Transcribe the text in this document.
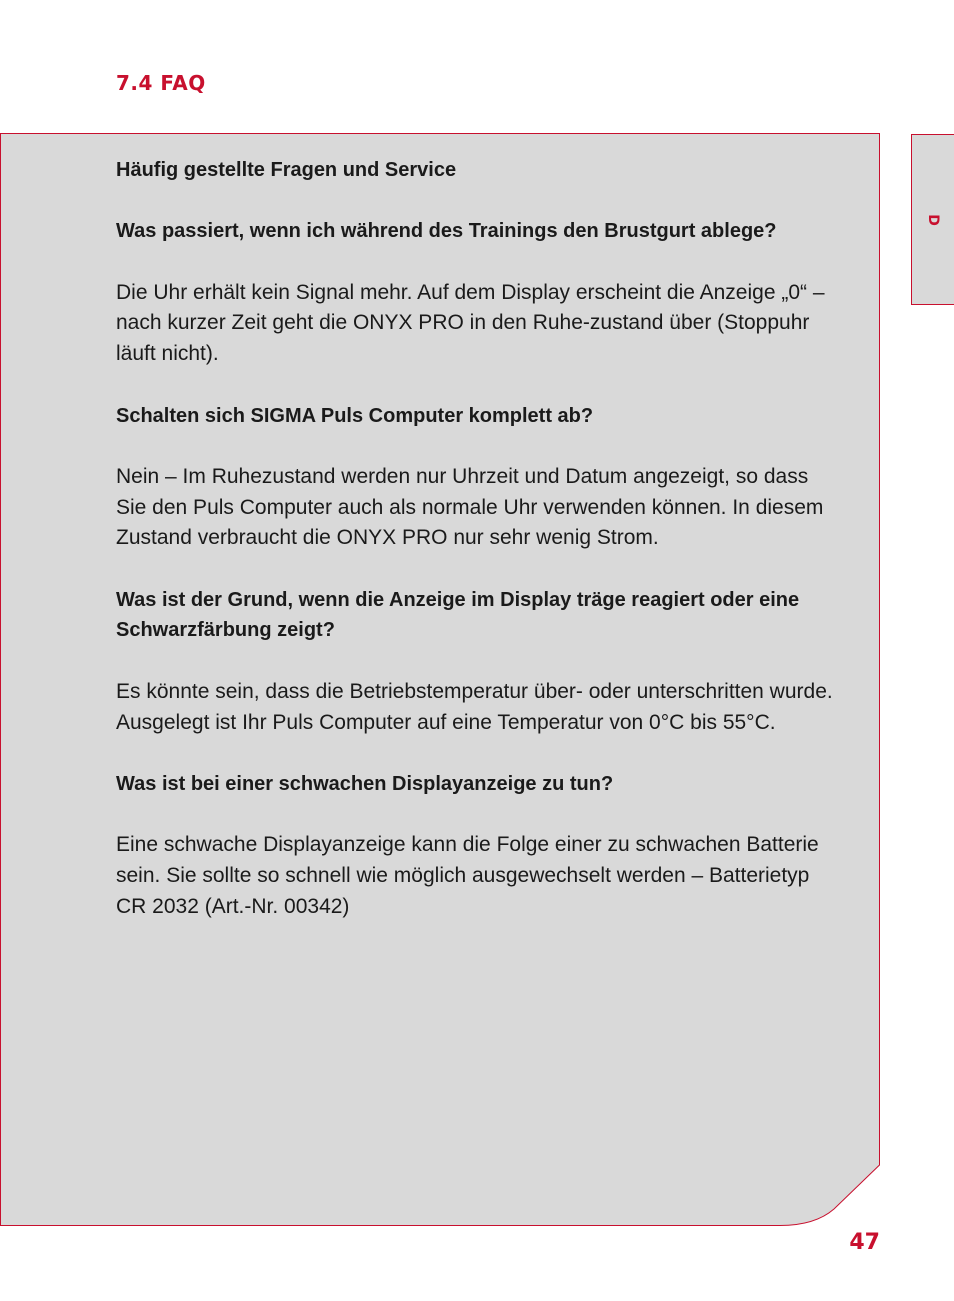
7.4 FAQ
D

Häufig gestellte Fragen und Service

Was passiert, wenn ich während des Trainings den Brustgurt ablege?

Die Uhr erhält kein Signal mehr. Auf dem Display erscheint die Anzeige „0“ – nach kurzer Zeit geht die ONYX PRO in den Ruhe-zustand über (Stoppuhr läuft nicht).

Schalten sich SIGMA Puls Computer komplett ab?

Nein – Im Ruhezustand werden nur Uhrzeit und Datum angezeigt, so dass Sie den Puls Computer auch als normale Uhr verwenden können. In diesem Zustand verbraucht die ONYX PRO nur sehr wenig Strom.

Was ist der Grund, wenn die Anzeige im Display träge reagiert oder eine Schwarzfärbung zeigt?

Es könnte sein, dass die Betriebstemperatur über- oder unterschritten wurde. Ausgelegt ist Ihr Puls Computer auf eine Temperatur von 0°C bis 55°C.

Was ist bei einer schwachen Displayanzeige zu tun?

Eine schwache Displayanzeige kann die Folge einer zu schwachen Batterie sein. Sie sollte so schnell wie möglich ausgewechselt werden – Batterietyp CR 2032 (Art.-Nr. 00342)

47
